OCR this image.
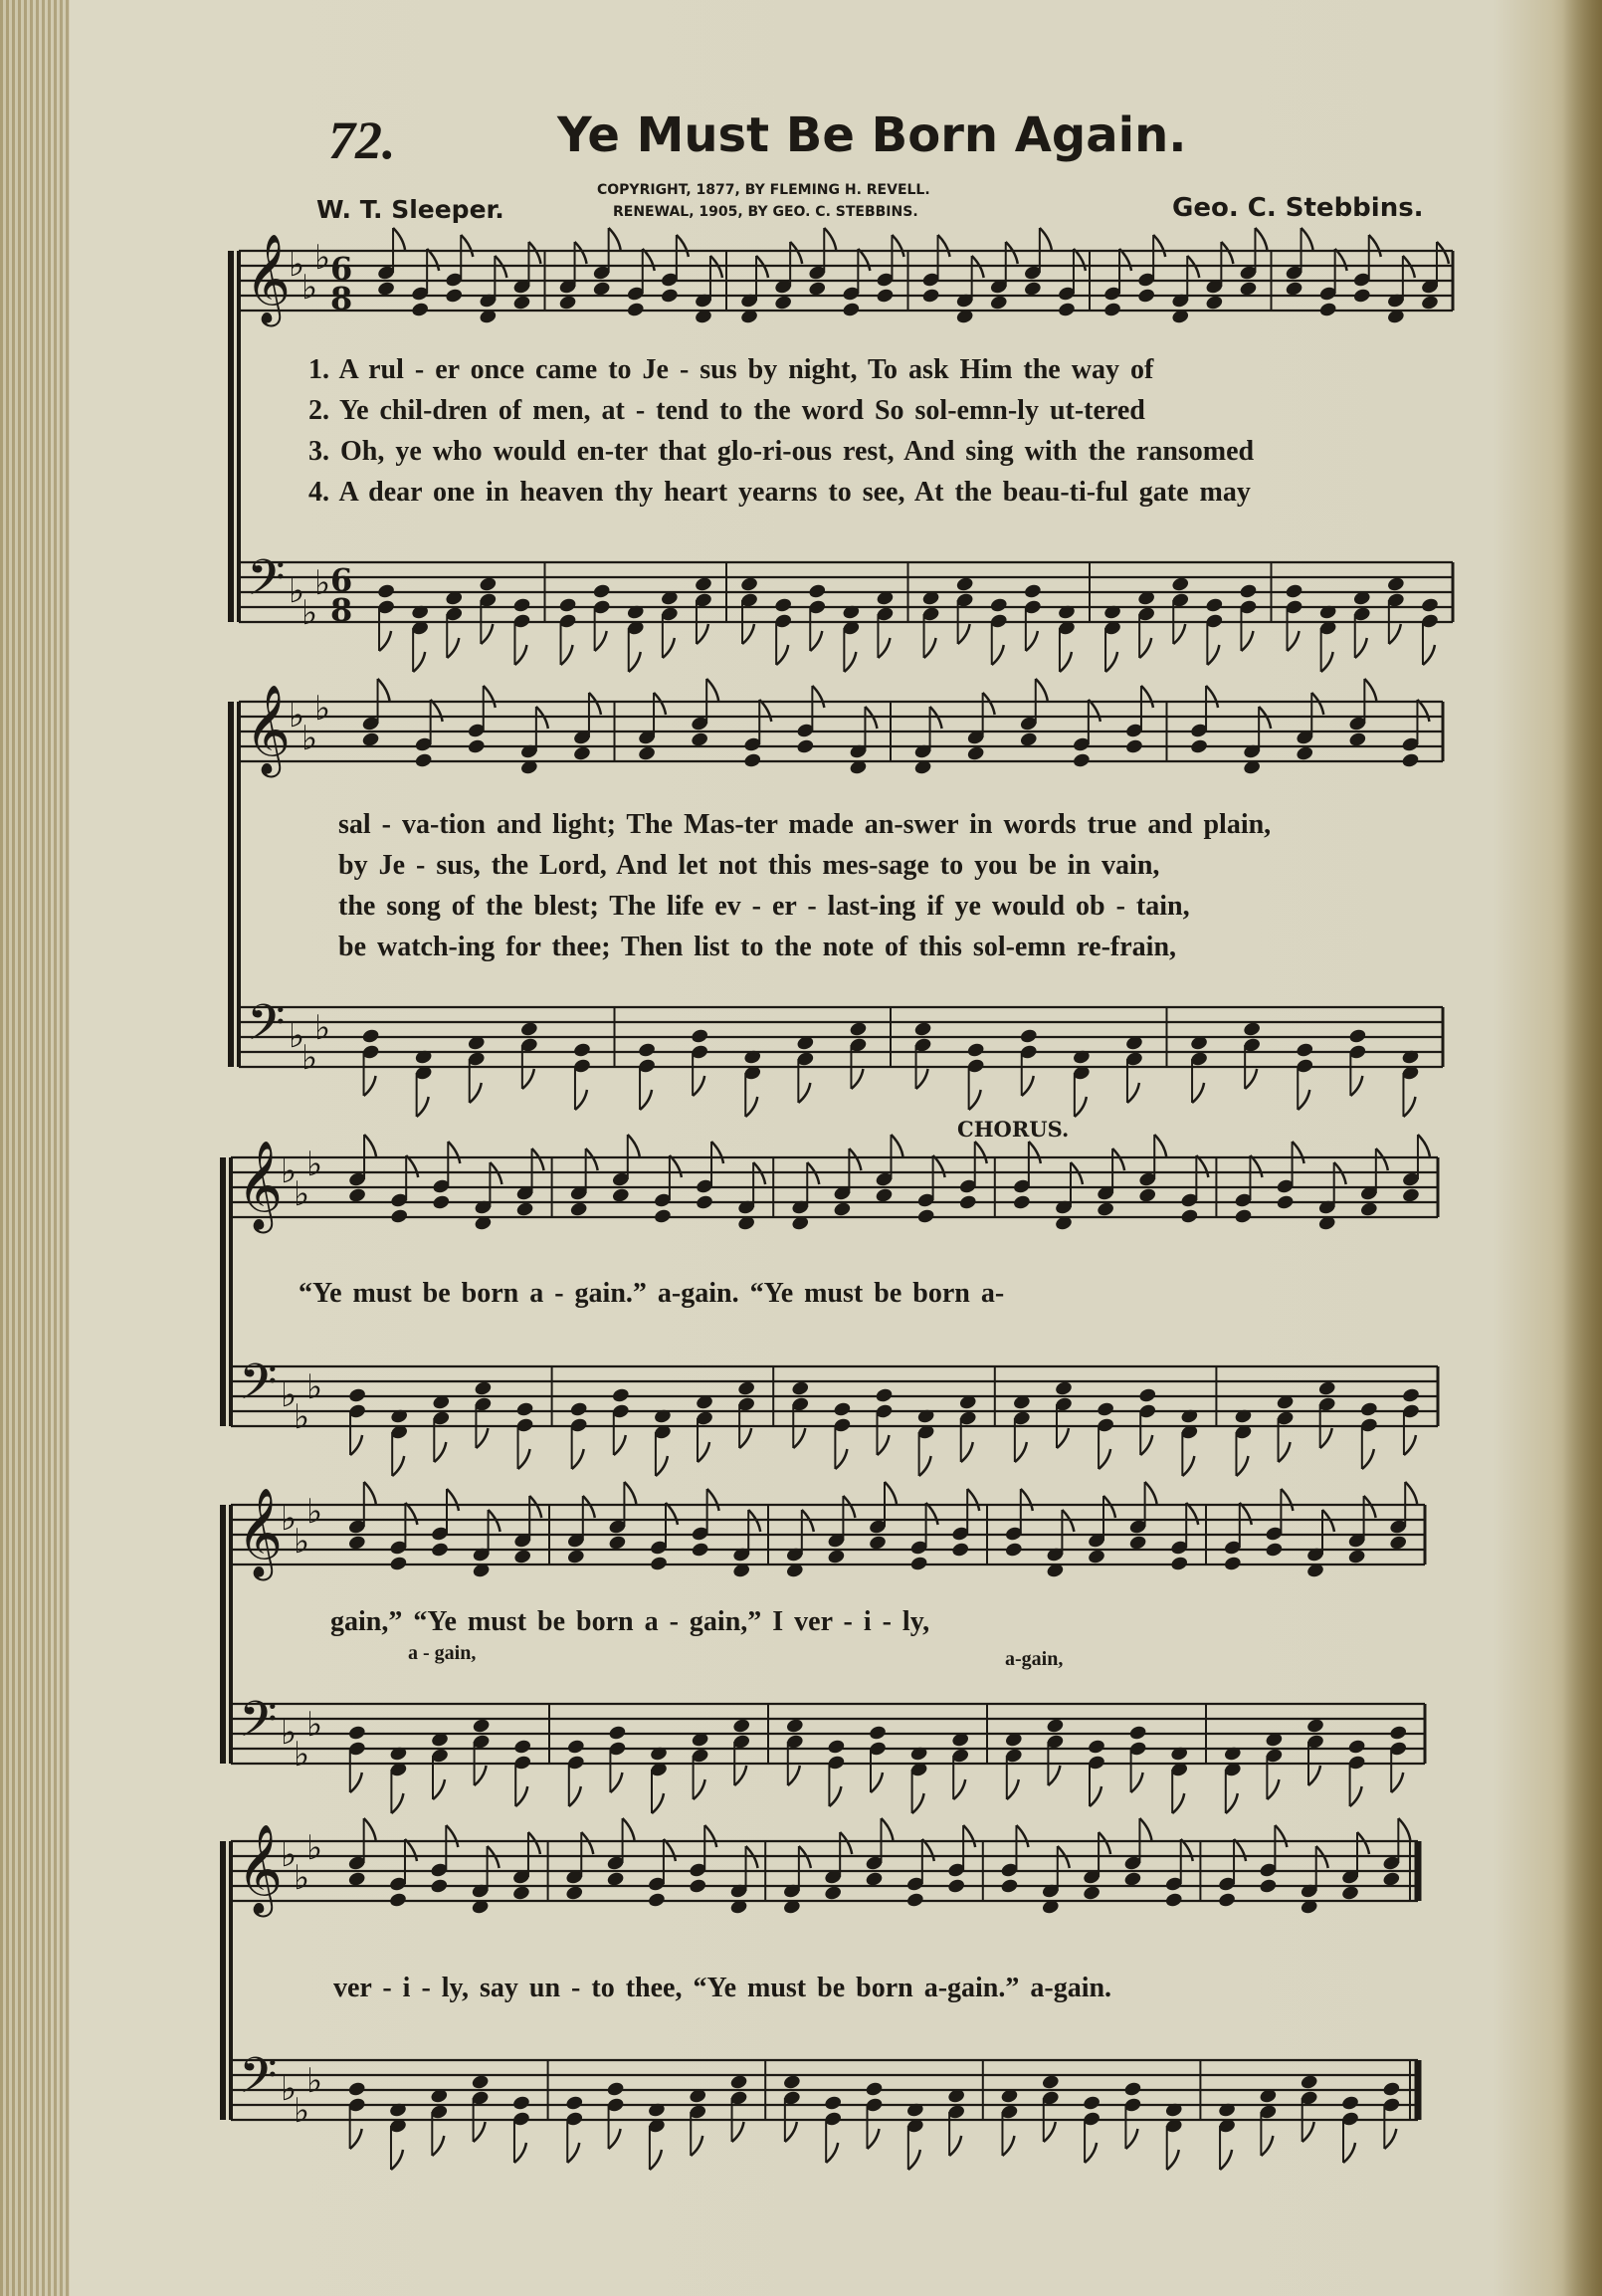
72.	Ye Must Be Born Again.
W. T. Sleeper.
COPYRIGHT, 1877, BY FLEMING H. REVELL.
RENEWAL, 1905, BY GEO. C. STEBBINS.	Geo. C. Stebbins.
𝄞
𝄢
♭
♭
♭
♭
♭
♭
6
8
6
8
𝄞
𝄢
♭
♭
♭
♭
♭
♭
𝄞
𝄢
♭
♭
♭
♭
♭
♭
𝄞
𝄢
♭
♭
♭
♭
♭
♭
𝄞
𝄢
♭
♭
♭
♭
♭
♭
1. A rul - er once came to Je - sus by night, To ask Him the way of
2. Ye chil-dren of men, at - tend to the word So sol-emn-ly ut-tered
3. Oh, ye who would en-ter that glo-ri-ous rest, And sing with the ransomed
4. A dear one in heaven thy heart yearns to see, At the beau-ti-ful gate may
sal - va-tion and light; The Mas-ter made an-swer in words true and plain,
by Je - sus, the Lord, And let not this mes-sage to you be in vain,
the song of the blest; The life ev - er - last-ing if ye would ob - tain,
be watch-ing for thee; Then list to the note of this sol-emn re-frain,
CHORUS.
“Ye must be born a - gain.” a-gain. “Ye must be born a-
gain,” “Ye must be born a - gain,” I ver - i - ly,
a - gain,	a-gain,
ver - i - ly, say un - to thee, “Ye must be born a-gain.” a-gain.
